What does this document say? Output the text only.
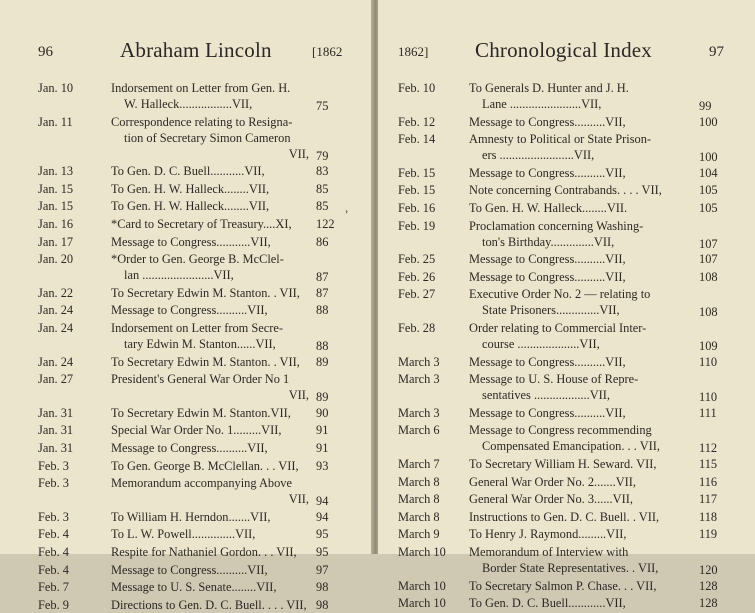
96	Abraham Lincoln	[1862
Jan. 10	Indorsement on Letter from Gen. H.
W. Halleck.................VII,	75
Jan. 11	Correspondence relating to Resigna-
tion of Secretary Simon Cameron
VII, 79
Jan. 13	To Gen. D. C. Buell...........VII,	83
Jan. 15	To Gen. H. W. Halleck........VII,	85
Jan. 15	To Gen. H. W. Halleck........VII,	85
Jan. 16	*Card to Secretary of Treasury....XI,	122
Jan. 17	Message to Congress...........VII,	86
Jan. 20	*Order to Gen. George B. McClel-
lan .......................VII,	87
Jan. 22	To Secretary Edwin M. Stanton. . VII,	87
Jan. 24	Message to Congress..........VII,	88
Jan. 24	Indorsement on Letter from Secre-
tary Edwin M. Stanton......VII,	88
Jan. 24	To Secretary Edwin M. Stanton. . VII,	89
Jan. 27	President's General War Order No 1
VII, 89
Jan. 31	To Secretary Edwin M. Stanton.VII,	90
Jan. 31	Special War Order No. 1.........VII,	91
Jan. 31	Message to Congress..........VII,	91
Feb. 3	To Gen. George B. McClellan. . . VII,	93
Feb. 3	Memorandum accompanying Above
VII, 94
Feb. 3	To William H. Herndon.......VII,	94
Feb. 4	To L. W. Powell..............VII,	95
Feb. 4	Respite for Nathaniel Gordon. . . VII,	95
Feb. 4	Message to Congress..........VII,	97
Feb. 7	Message to U. S. Senate........VII,	98
Feb. 9	Directions to Gen. D. C. Buell. . . . VII, 98
›
1862] Chronological Index	97
Feb. 10	To Generals D. Hunter and J. H.
Lane .......................VII,	99
Feb. 12	Message to Congress..........VII,	100
Feb. 14	Amnesty to Political or State Prison-
ers ........................VII,	100
Feb. 15	Message to Congress..........VII,	104
Feb. 15	Note concerning Contrabands. . . . VII,	105
Feb. 16	To Gen. H. W. Halleck........VII.	105
Feb. 19	Proclamation concerning Washing-
ton's Birthday..............VII,	107
Feb. 25	Message to Congress..........VII,	107
Feb. 26	Message to Congress..........VII,	108
Feb. 27	Executive Order No. 2 — relating to
State Prisoners..............VII,	108
Feb. 28	Order relating to Commercial Inter-
course ....................VII,	109
March 3 Message to Congress..........VII,	110
March 3 Message to U. S. House of Repre-
sentatives ..................VII,	110
March 3 Message to Congress..........VII,	111
March 6 Message to Congress recommending
Compensated Emancipation. . . VII,	112
March 7 To Secretary William H. Seward. VII,	115
March 8 General War Order No. 2.......VII,	116
March 8 General War Order No. 3......VII,	117
March 8 Instructions to Gen. D. C. Buell. . VII,	118
March 9 To Henry J. Raymond.........VII,	119
March 10 Memorandum of Interview with
Border State Representatives. . VII,	120
March 10 To Secretary Salmon P. Chase. . . VII,	128
March 10 To Gen. D. C. Buell............VII,	128
